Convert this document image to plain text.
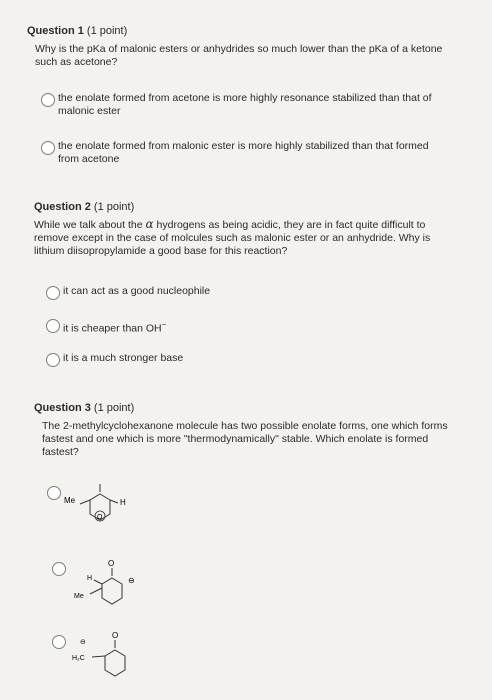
Question 1 (1 point)
Why is the pKa of malonic esters or anhydrides so much lower than the pKa of a ketone such as acetone?
the enolate formed from acetone is more highly resonance stabilized than that of malonic ester
the enolate formed from malonic ester is more highly stabilized than that formed from acetone
Question 2 (1 point)
While we talk about the α hydrogens as being acidic, they are in fact quite difficult to remove except in the case of molcules such as malonic ester or an anhydride. Why is lithium diisopropylamide a good base for this reaction?
it can act as a good nucleophile
it is cheaper than OH−
it is a much stronger base
Question 3 (1 point)
The 2-methylcyclohexanone molecule has two possible enolate forms, one which forms fastest and one which is more "thermodynamically" stable. Which enolate is formed fastest?
Me	H
O
O
H
Me
⊖
O
⊖
H₂C
